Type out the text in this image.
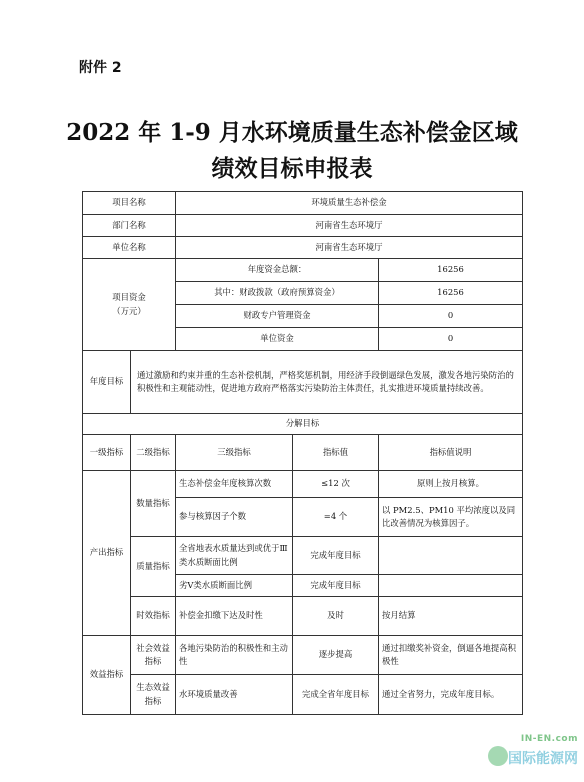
附件 2
2022 年 1-9 月水环境质量生态补偿金区域
绩效目标申报表
项目名称		环境质量生态补偿金		
部门名称		河南省生态环境厅		
单位名称		河南省生态环境厅		

项目资金
（万元）		年度资金总额：		16256
		其中：财政拨款（政府预算资金）		16256
		财政专户管理资金		0
		单位资金		0
年度目标	通过激励和约束并重的生态补偿机制，严格奖惩机制，用经济手段倒逼绿色发展，激发各地污染防治的积极性和主观能动性，促进地方政府严格落实污染防治主体责任，扎实推进环境质量持续改善。			
分解目标				
一级指标	二级指标	三级指标	指标值	指标值说明
产出指标	数量指标	生态补偿金年度核算次数	≤12 次	原则上按月核算。
		参与核算因子个数	=4 个	以 PM2.5、PM10 平均浓度以及同比改善情况为核算因子。
	质量指标	全省地表水质量达到或优于Ⅲ类水质断面比例	完成年度目标	
		劣Ⅴ类水质断面比例	完成年度目标	
	时效指标	补偿金扣缴下达及时性	及时	按月结算
效益指标	社会效益指标	各地污染防治的积极性和主动性	逐步提高	通过扣缴奖补资金，倒逼各地提高积极性
	生态效益指标	水环境质量改善	完成全省年度目标	通过全省努力，完成年度目标。
IN-EN.com
国际能源网
